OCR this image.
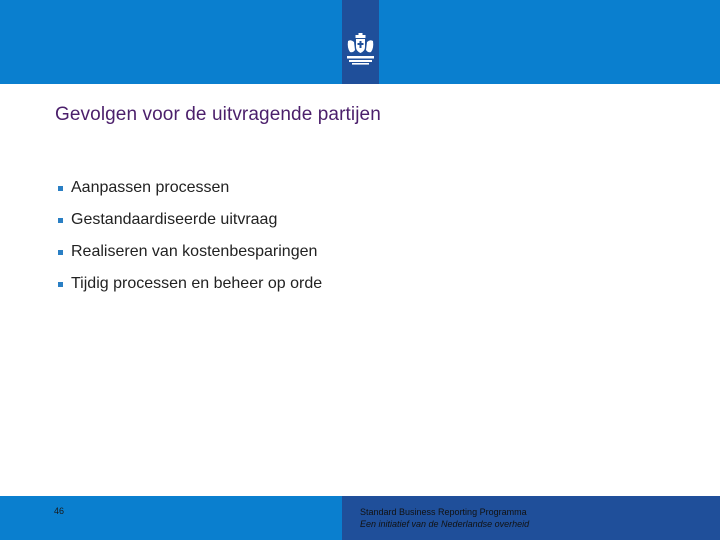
Gevolgen voor de uitvragende partijen
Aanpassen processen
Gestandaardiseerde uitvraag
Realiseren van kostenbesparingen
Tijdig processen en beheer op orde
46	Standard Business Reporting Programma
Een initiatief van de Nederlandse overheid
